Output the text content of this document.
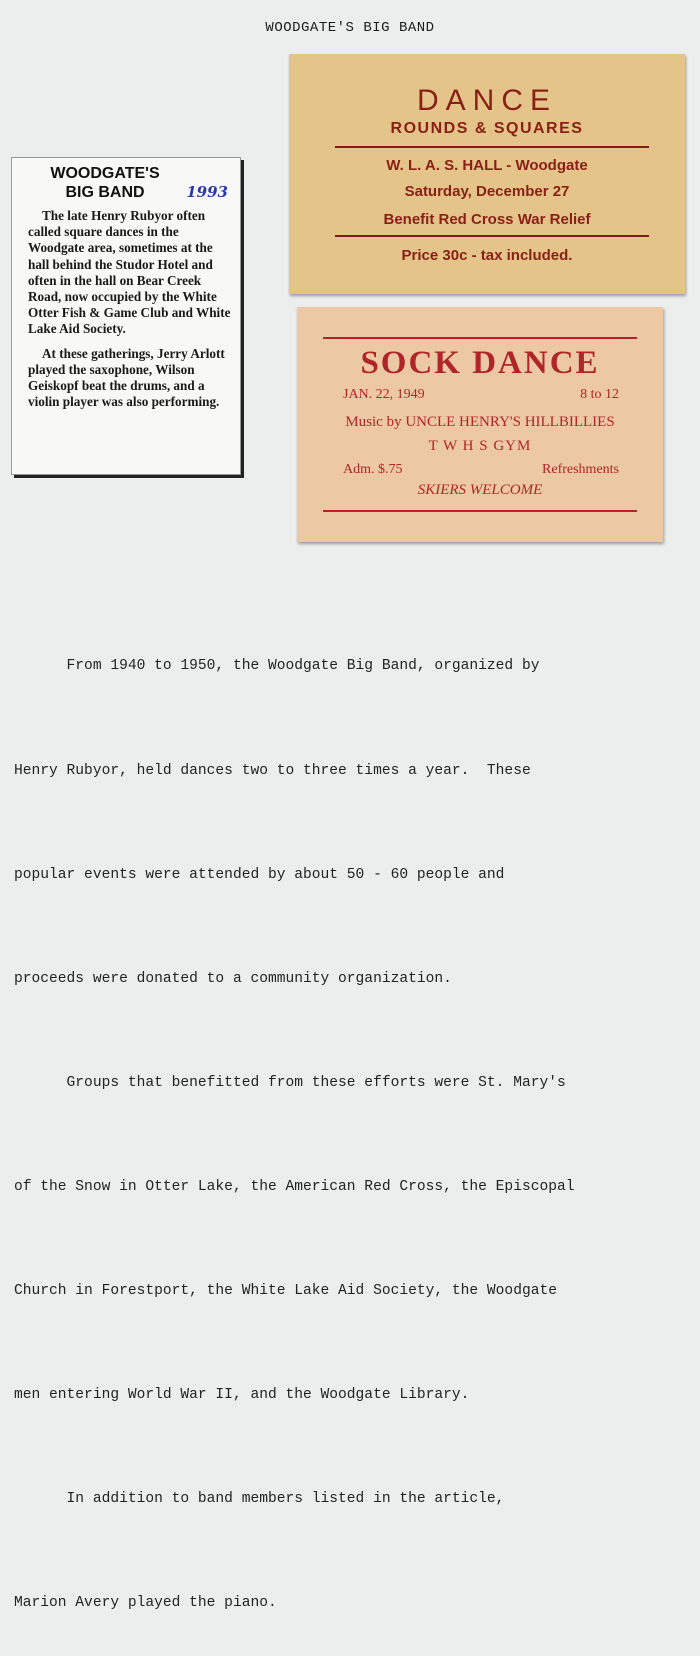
WOODGATE'S BIG BAND
WOODGATE'S
BIG BAND	1993

The late Henry Rubyor often called square dances in the Woodgate area, sometimes at the hall behind the Studor Hotel and often in the hall on Bear Creek Road, now occupied by the White Otter Fish & Game Club and White Lake Aid Society.

At these gatherings, Jerry Arlott played the saxophone, Wilson Geiskopf beat the drums, and a violin player was also performing.

DANCE
ROUNDS & SQUARES
W. L. A. S. HALL - Woodgate
Saturday, December 27
Benefit Red Cross War Relief
Price 30c - tax included.
SOCK DANCE
JAN. 22, 1949	8 to 12
Music by UNCLE HENRY'S HILLBILLIES
T W H S GYM
Adm. $.75	Refreshments
SKIERS WELCOME

From 1940 to 1950, the Woodgate Big Band, organized by

Henry Rubyor, held dances two to three times a year.  These

popular events were attended by about 50 - 60 people and

proceeds were donated to a community organization.

Groups that benefitted from these efforts were St. Mary's

of the Snow in Otter Lake, the American Red Cross, the Episcopal

Church in Forestport, the White Lake Aid Society, the Woodgate

men entering World War II, and the Woodgate Library.

In addition to band members listed in the article,

Marion Avery played the piano.
